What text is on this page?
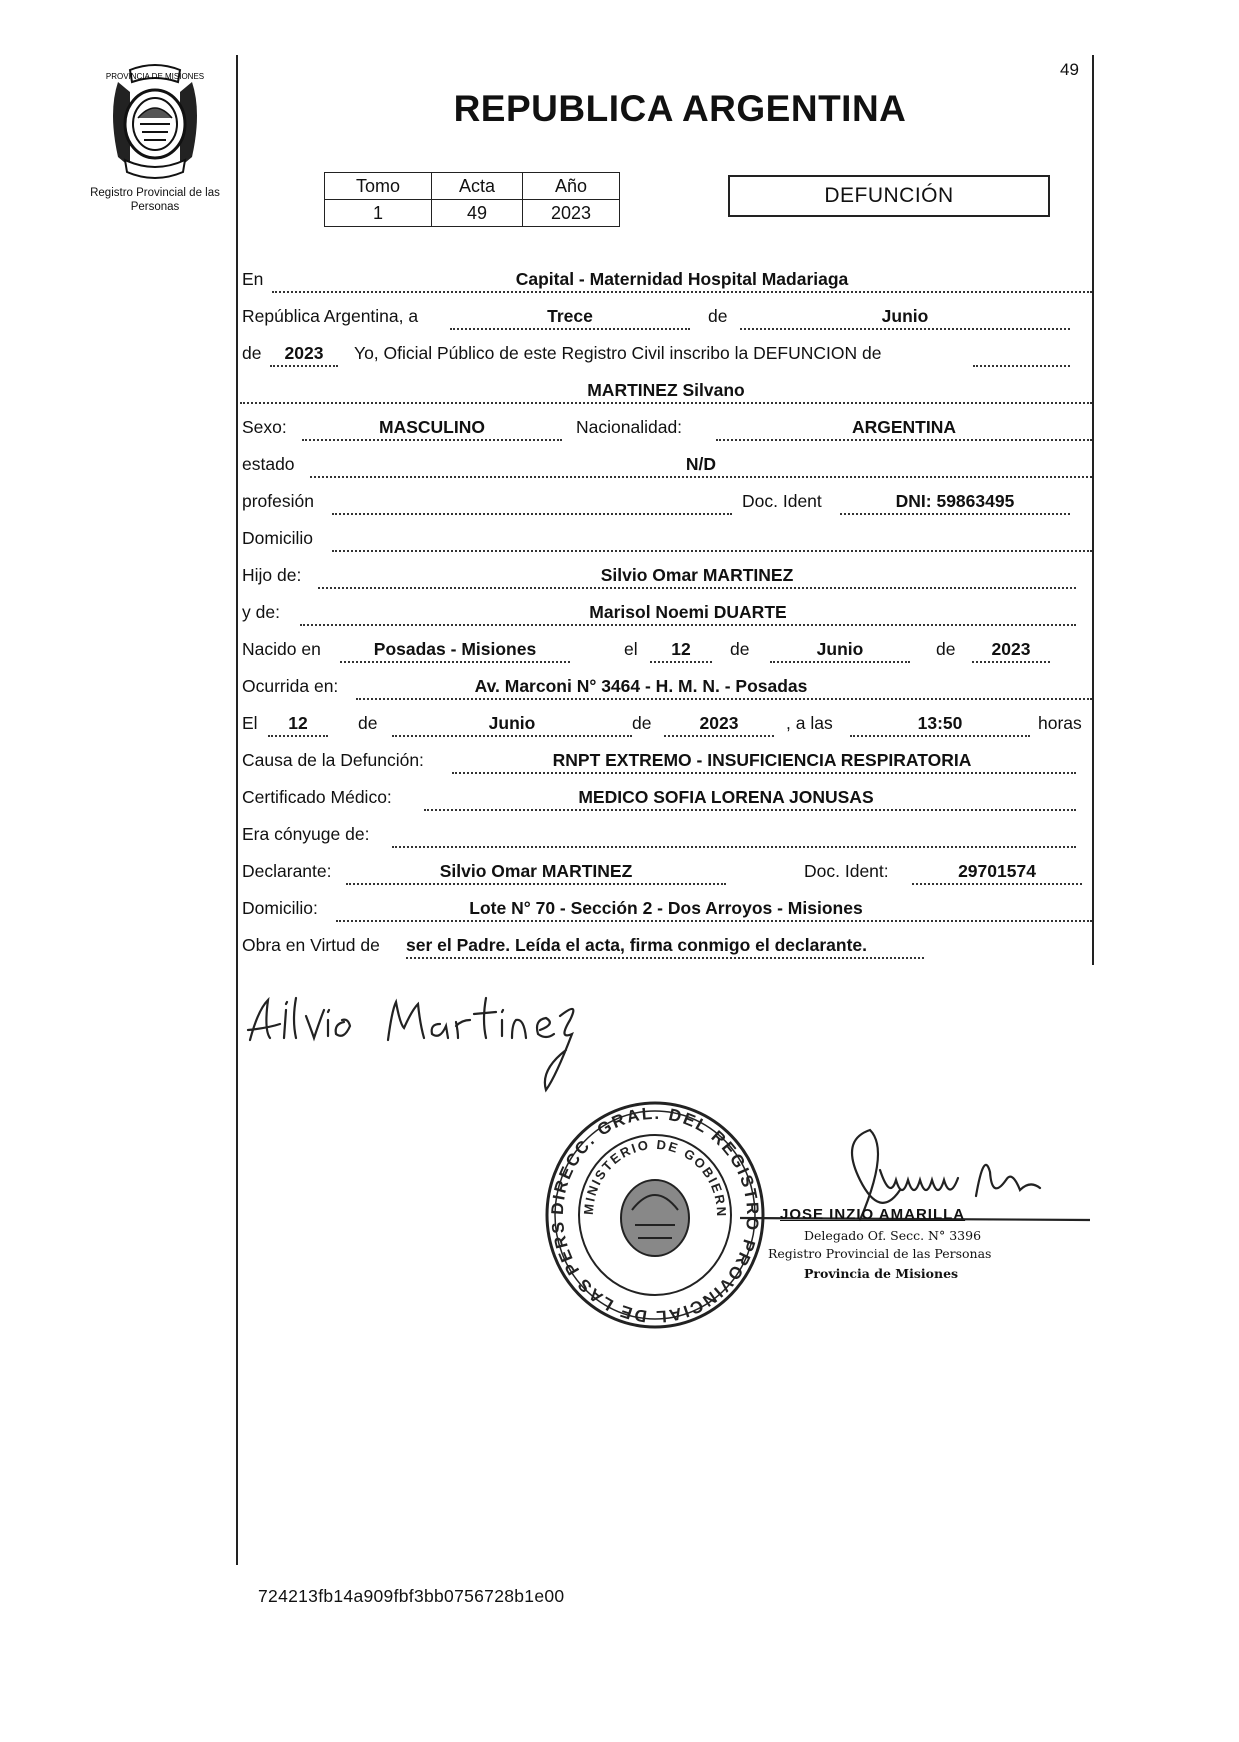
PROVINCIA DE MISIONES
Registro Provincial de las Personas
49
REPUBLICA ARGENTINA
Tomo	Acta	Año
1	49	2023
DEFUNCIÓN
En	Capital - Maternidad Hospital Madariaga
República Argentina, a	Trece	de	Junio
de	2023	Yo, Oficial Público de este Registro Civil inscribo la DEFUNCION de
MARTINEZ Silvano
Sexo:	MASCULINO	Nacionalidad:	ARGENTINA
estado	N/D
profesión	Doc. Ident	DNI: 59863495
Domicilio
Hijo de:	Silvio Omar MARTINEZ
y de:	Marisol Noemi DUARTE
Nacido en	Posadas - Misiones	el	12	de	Junio	de	2023
Ocurrida en:	Av. Marconi N° 3464 - H. M. N. - Posadas
El	12	de	Junio	de	2023	, a las	13:50	horas
Causa de la Defunción:	RNPT EXTREMO - INSUFICIENCIA RESPIRATORIA
Certificado Médico:	MEDICO SOFIA LORENA JONUSAS
Era cónyuge de:
Declarante:	Silvio Omar MARTINEZ	Doc. Ident:	29701574
Domicilio:	Lote N° 70 - Sección 2 - Dos Arroyos - Misiones
Obra en Virtud de ser el Padre. Leída el acta, firma conmigo el declarante.
DIRECC. GRAL. DEL REGISTRO PROVINCIAL DE LAS PERS
MINISTERIO DE GOBIERN	JOSE INZIO AMARILLA
Delegado Of. Secc. N° 3396
Registro Provincial de las Personas
Provincia de Misiones
724213fb14a909fbf3bb0756728b1e00
